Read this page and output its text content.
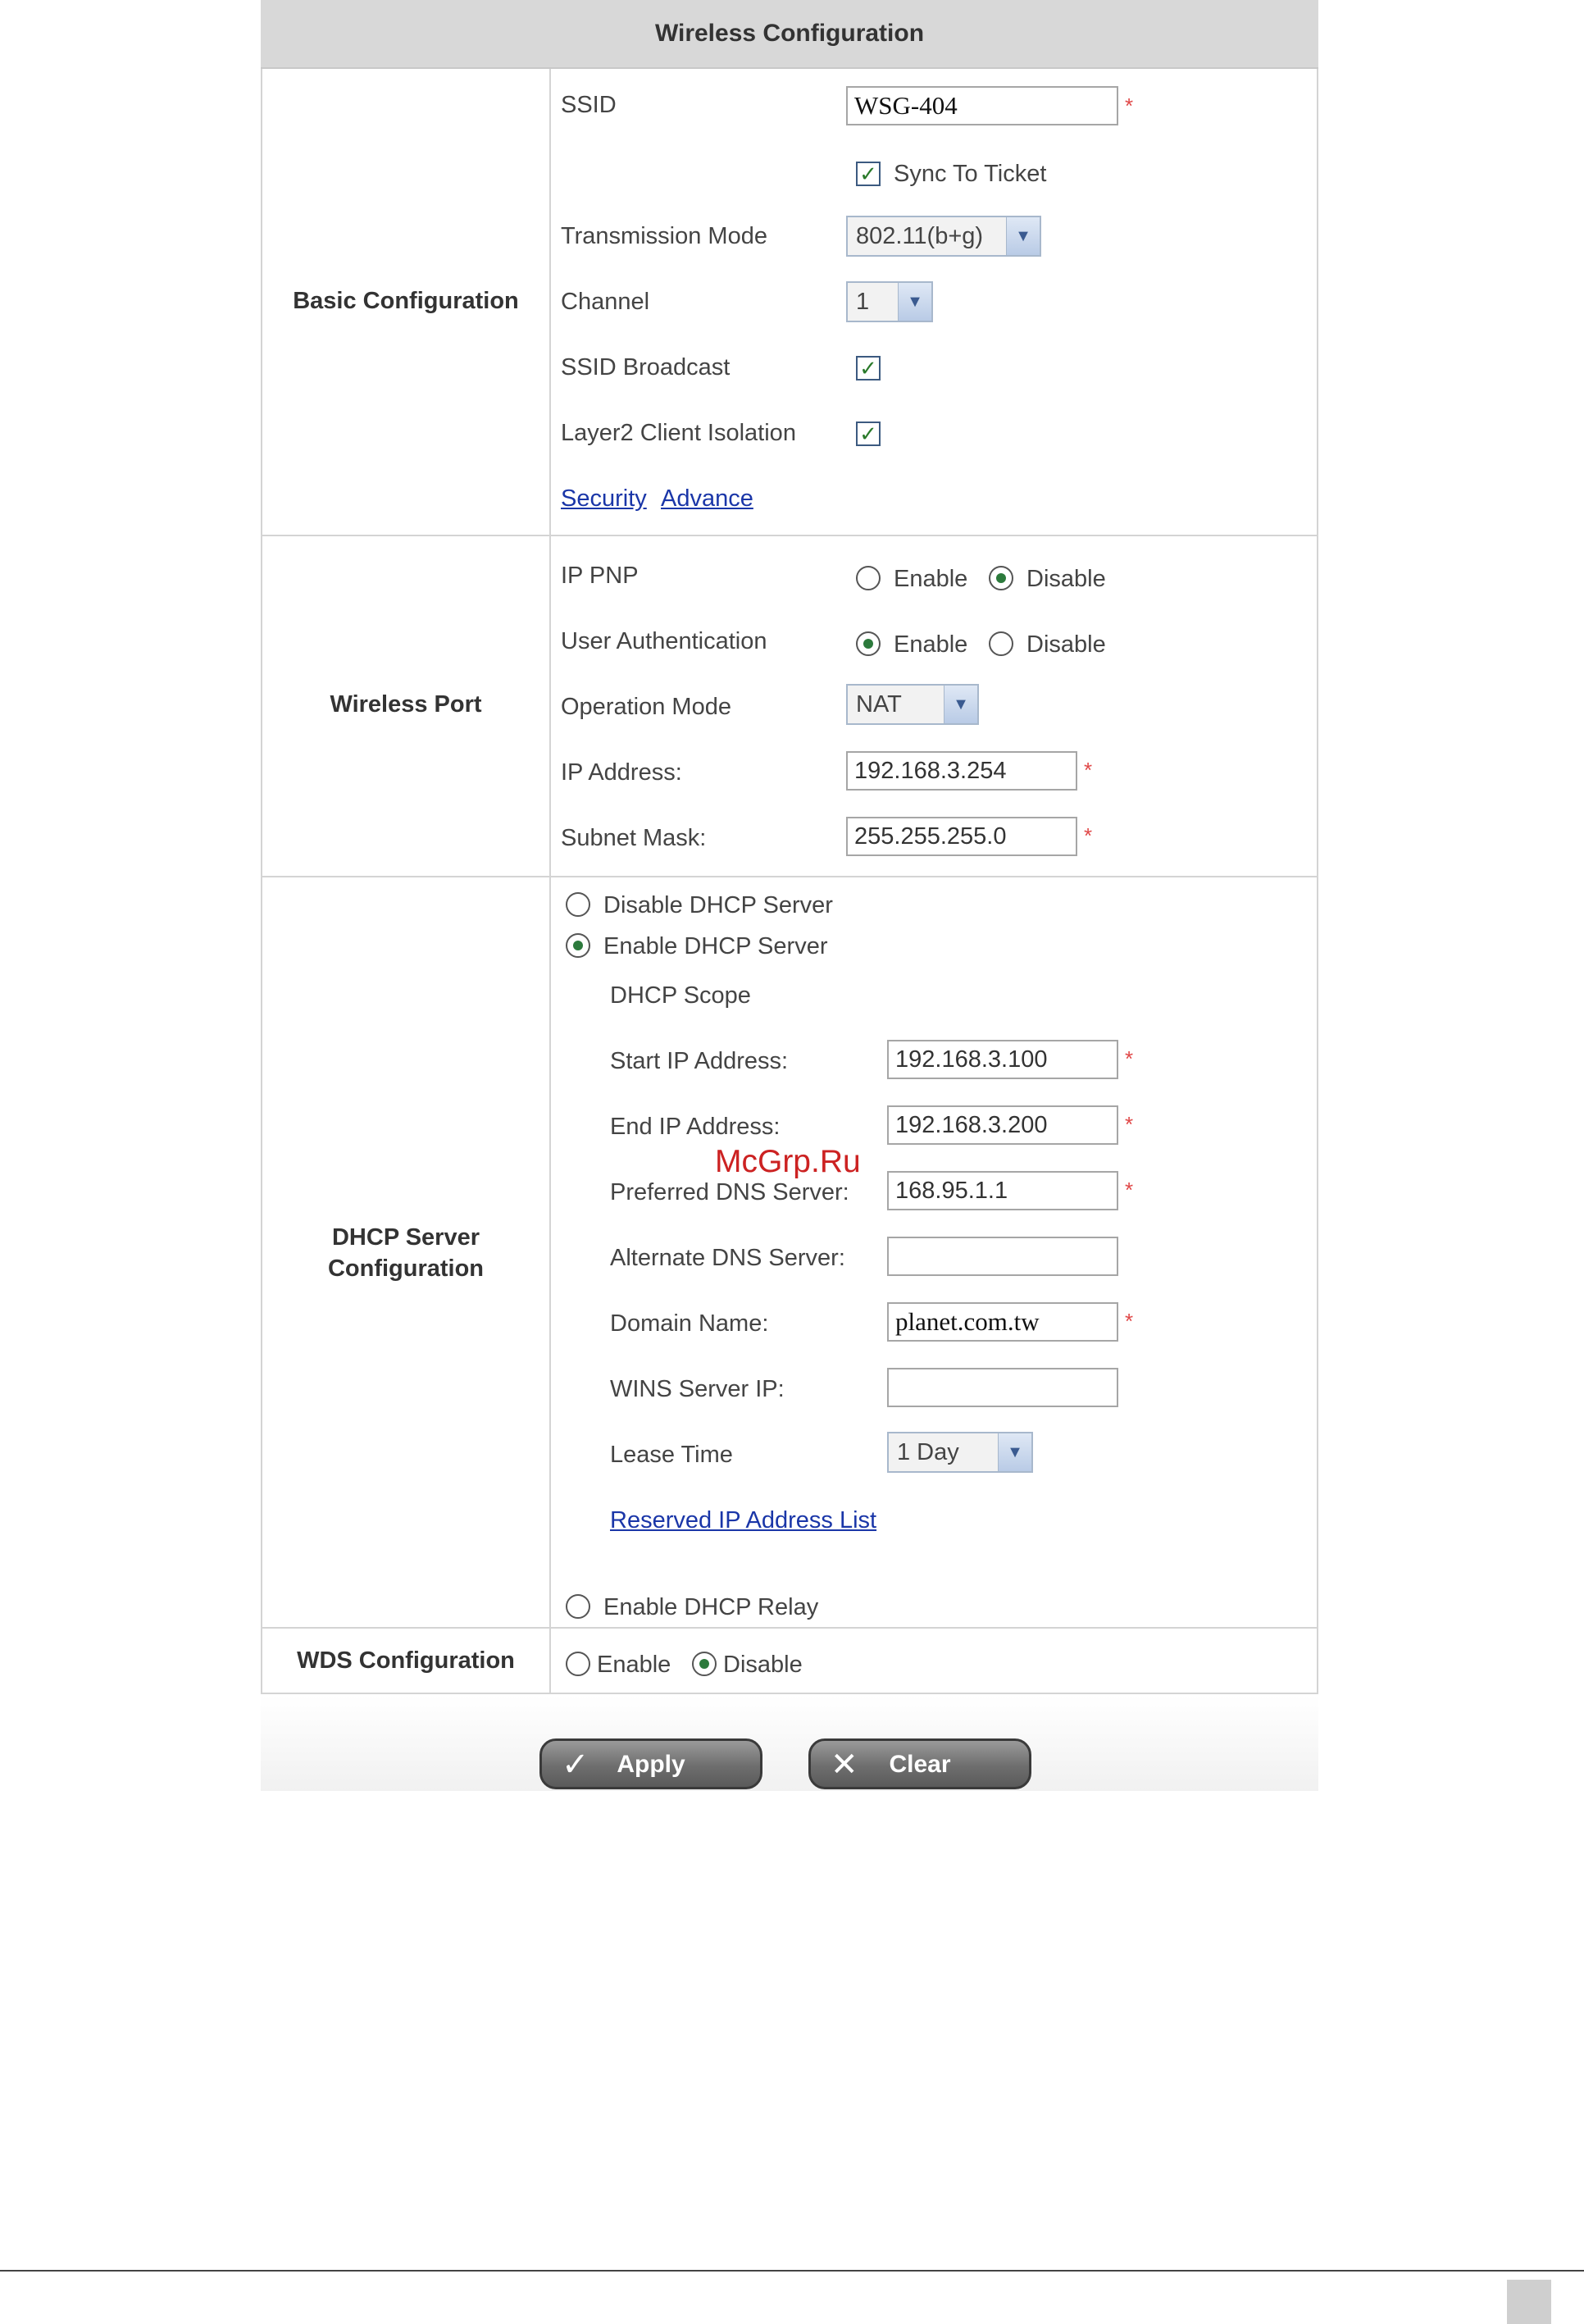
Wireless Configuration
Basic Configuration
SSID	WSG-404	*
✓ Sync To Ticket
Transmission Mode	802.11(b+g)	▼
Channel	1	▼
SSID Broadcast	✓
Layer2 Client Isolation	✓
Security Advance
Wireless Port
IP PNP	Enable Disable
User Authentication	Enable Disable
Operation Mode	NAT	▼
IP Address:	192.168.3.254	*
Subnet Mask:	255.255.255.0	*
DHCP Server
Configuration
Disable DHCP Server
Enable DHCP Server
DHCP Scope
Start IP Address:	192.168.3.100	*
End IP Address:	192.168.3.200	*
Preferred DNS Server:	168.95.1.1	*
Alternate DNS Server:
Domain Name:	planet.com.tw	*
WINS Server IP:
Lease Time	1 Day	▼
Reserved IP Address List
Enable DHCP Relay
WDS Configuration	Enable Disable
✓	Apply	✕	Clear
McGrp.Ru
